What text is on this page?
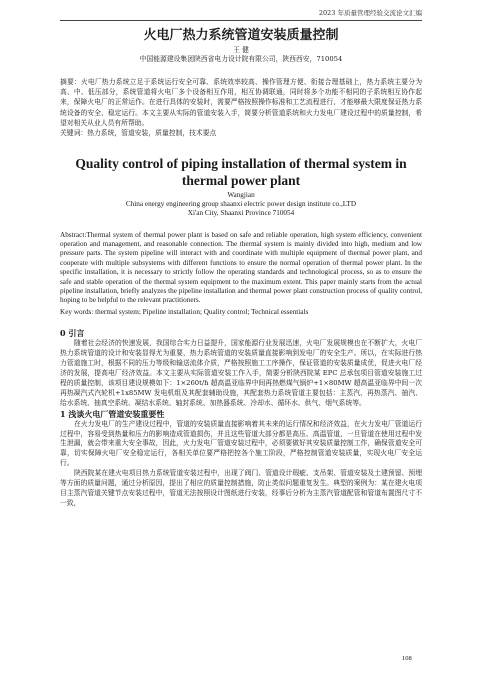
2023 年质量管理经验交流论文汇编
火电厂热力系统管道安装质量控制
王 健
中国能源建设集团陕西省电力设计院有限公司，陕西西安，710054
摘要：火电厂热力系统立足于系统运行安全可靠、系统效率较高、操作管理方便、衔接合理基础上，热力系统主要分为高、中、低压部分，系统管道将火电厂多个设备相互作用，相互协调联通，同时将多个功能不相同的子系统相互协作起来，保障火电厂的正常运作。在进行具体的安装时，需要严格按照操作标准和工艺流程进行，才能够最大限度保证热力系统设备的安全、稳定运行。本文主要从实际的管道安装入手，简要分析管道系统和火力发电厂建设过程中的质量控制，希望对相关从业人员有所帮助。
关键词：热力系统，管道安装，质量控制，技术要点
Quality control of piping installation of thermal system in thermal power plant
Wangjian
China energy engineering group shaanxi electric power design institute co.,LTD
Xi'an City, Shaanxi Province 710054
Abstract:Thermal system of thermal power plant is based on safe and reliable operation, high system efficiency, convenient operation and management, and reasonable connection. The thermal system is mainly divided into high, medium and low pressure parts. The system pipeline will interact with and coordinate with multiple equipment of thermal power plant, and cooperate with multiple subsystems with different functions to ensure the normal operation of thermal power plant. In the specific installation, it is necessary to strictly follow the operating standards and technological process, so as to ensure the safe and stable operation of the thermal system equipment to the maximum extent. This paper mainly starts from the actual pipeline installation, briefly analyzes the pipeline installation and thermal power plant construction process of quality control, hoping to be helpful to the relevant practitioners.
Key words: thermal system; Pipeline installation; Quality control; Technical essentials
0 引言

随着社会经济的快速发展，我国综合实力日益提升，国家能源行业发展迅速，火电厂发展规模也在不断扩大，火电厂热力系统管道的设计和安装显得尤为重要，热力系统管道的安装质量直接影响到发电厂的安全生产。所以，在实际进行热力管道施工时，根据不同的压力等级和输送流体介质，严格按照施工工序操作，保证管道的安装质量成优，促进火电厂经济的发展，提高电厂经济效益。本文主要从实际管道安装工作入手，简要分析陕西院某 EPC 总承包项目管道安装施工过程的质量控制，该项目建设规模如下：1×260t/h 超高温亚临界中间再热燃煤气锅炉+1×80MW 超高温亚临界中间一次再热凝汽式汽轮机+1x85MW 发电机组及其配套辅助设施，其配套热力系统管道主要包括：主蒸汽、再热蒸汽、抽汽、给水系统、抽真空系统、凝结水系统、轴封系统、加热器系统、冷却水、循环水、供气、烟气系统等。

1 浅谈火电厂管道安装重要性

在火力发电厂的生产建设过程中，管道的安装质量直接影响着其未来的运行情况和经济效益，在火力发电厂管道运行过程中，容易受到热量和压力的影响造成管道损伤，并且这些管道大部分都是高压、高温管道，一旦管道在使用过程中发生泄漏，就会带来重大安全事故，因此，火力发电厂管道安装过程中，必须要做好其安装质量控制工作，确保管道安全可靠，切实保障火电厂安全稳定运行，各相关单位要严格把控各个施工阶段，严格控制管道安装质量，实现火电厂安全运行。

陕西院某在建火电项目热力系统管道安装过程中，出现了阀门、管道设计瑕疵、支吊架、管道安装及土建预留、预埋等方面的质量问题，通过分析原因，提出了相应的质量控制措施，防止类似问题重复发生。典型的案例为：某在建火电项目主蒸汽管道关键节点安装过程中，管道无法按照设计图纸进行安装，经事后分析为主蒸汽管道配管和管道布置图尺寸不一致，

108
